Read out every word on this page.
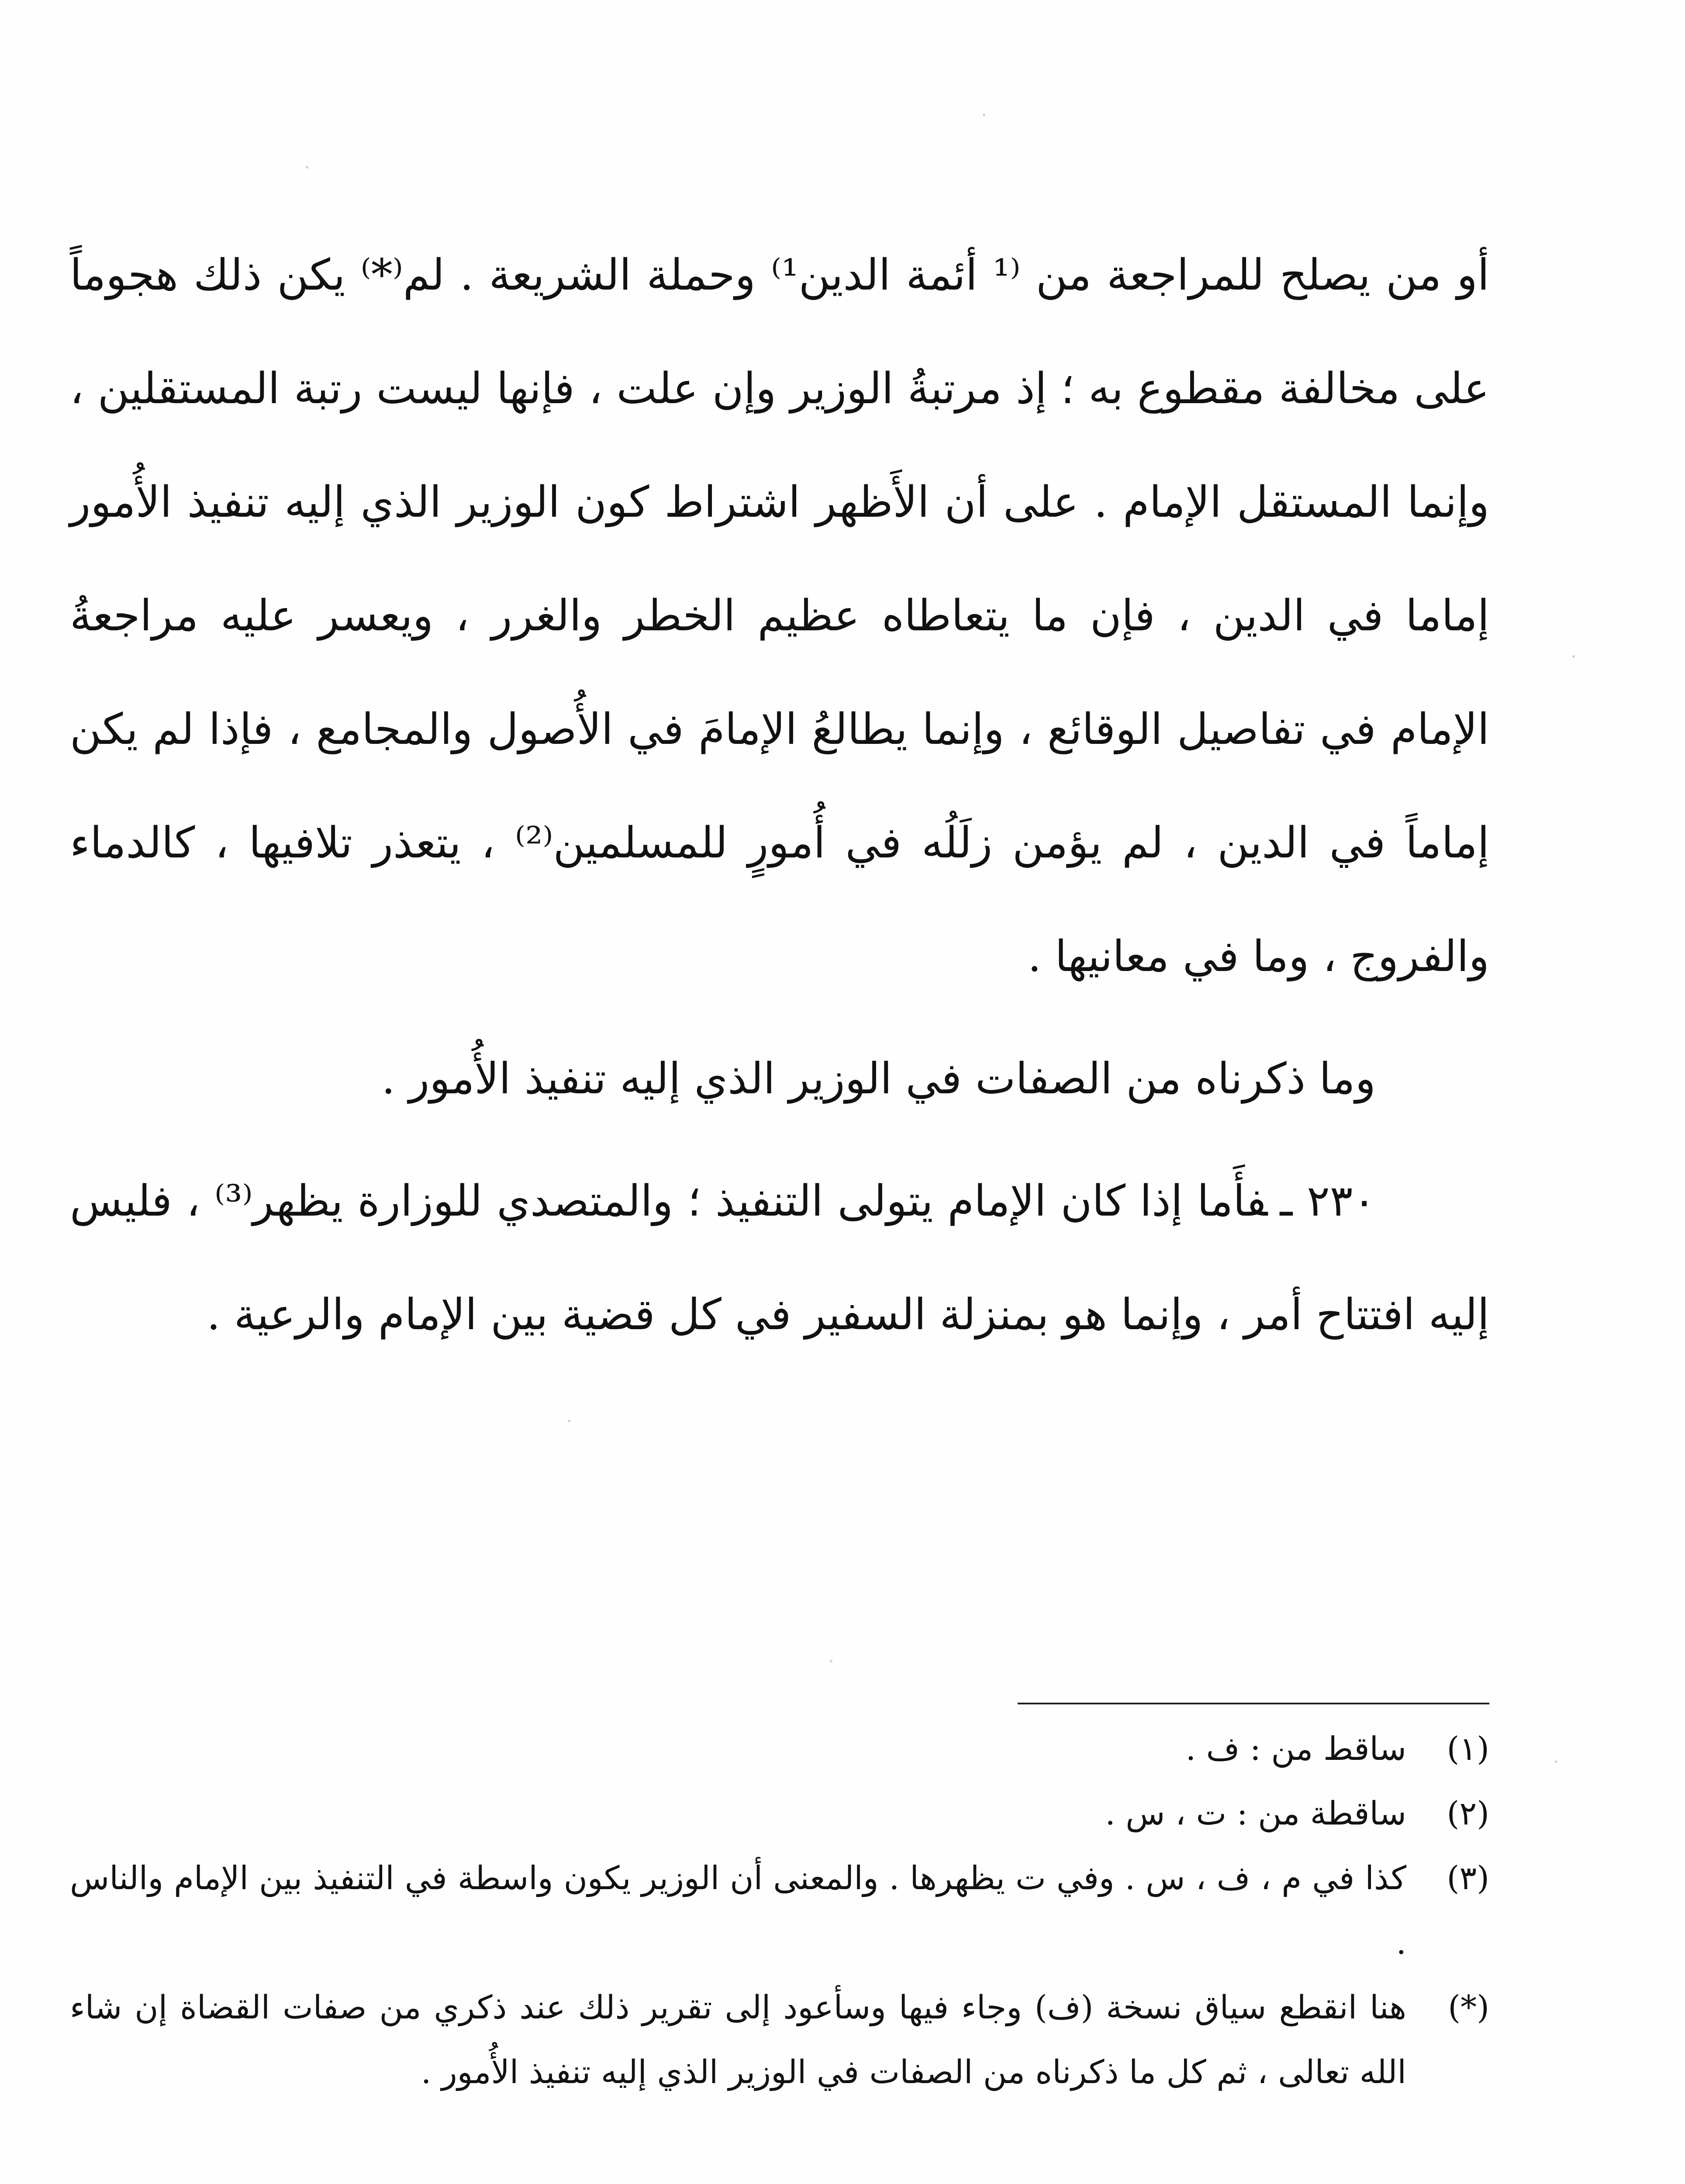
أو من يصلح للمراجعة من ⁽¹ أئمة الدين¹⁾ وحملة الشريعة . لم⁽*⁾ يكن ذلك هجوماً على مخالفة مقطوع به ؛ إذ مرتبةُ الوزير وإن علت ، فإنها ليست رتبة المستقلين ، وإنما المستقل الإمام . على أن الأَظهر اشتراط كون الوزير الذي إليه تنفيذ الأُمور إماما في الدين ، فإن ما يتعاطاه عظيم الخطر والغرر ، ويعسر عليه مراجعةُ الإمام في تفاصيل الوقائع ، وإنما يطالعُ الإمامَ في الأُصول والمجامع ، فإذا لم يكن إماماً في الدين ، لم يؤمن زلَلُه في أُمورٍ للمسلمين⁽²⁾ ، يتعذر تلافيها ، كالدماء والفروج ، وما في معانيها .

وما ذكرناه من الصفات في الوزير الذي إليه تنفيذ الأُمور .

٢٣٠ ـفأَما إذا كان الإمام يتولى التنفيذ ؛ والمتصدي للوزارة يظهر⁽³⁾ ، فليس إليه افتتاح أمر ، وإنما هو بمنزلة السفير في كل قضية بين الإمام والرعية .

(١)
ساقط من : ف .
(٢)
ساقطة من : ت ، س .
(٣)
كذا في م ، ف ، س . وفي ت يظهرها . والمعنى أن الوزير يكون واسطة في التنفيذ بين الإمام والناس .
(*)
هنا انقطع سياق نسخة (ف) وجاء فيها وسأعود إلى تقرير ذلك عند ذكري من صفات القضاة إن شاء الله تعالى ، ثم كل ما ذكرناه من الصفات في الوزير الذي إليه تنفيذ الأُمور .
